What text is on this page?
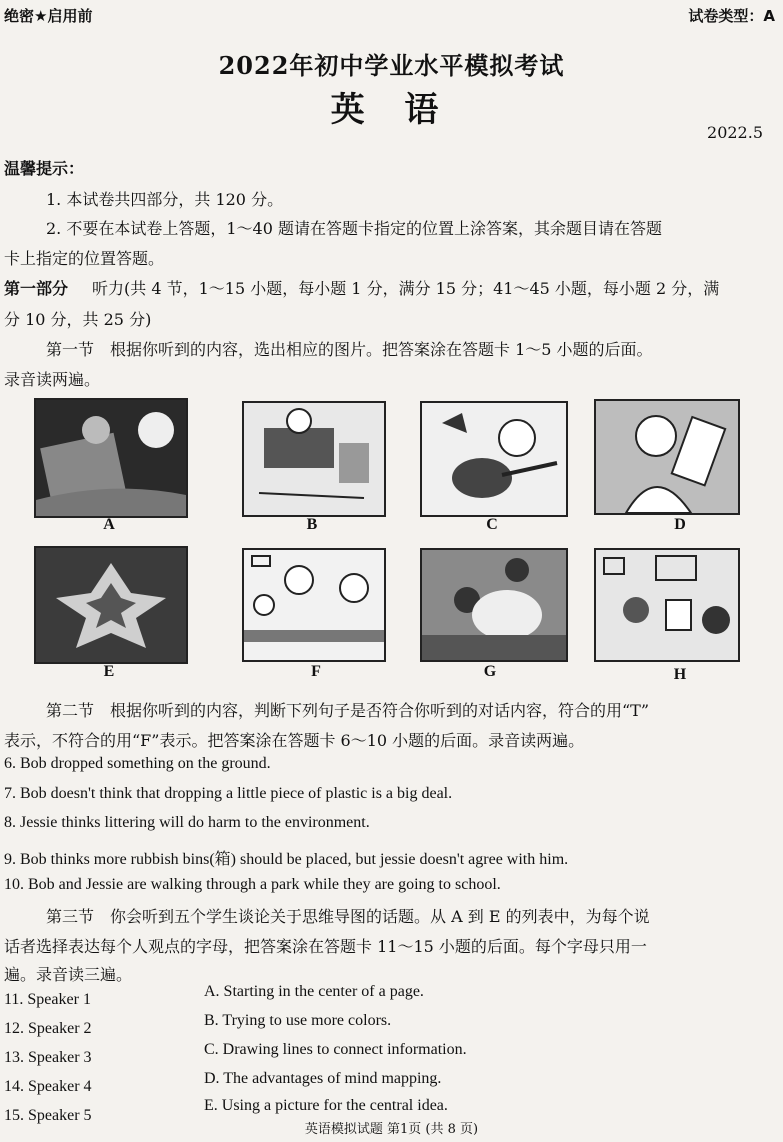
绝密★启用前	试卷类型：A
2022年初中学业水平模拟考试
英 语
2022.5
温馨提示：
1. 本试卷共四部分，共 120 分。
2. 不要在本试卷上答题，1～40 题请在答题卡指定的位置上涂答案，其余题目请在答题
卡上指定的位置答题。
第一部分 听力(共 4 节，1～15 小题，每小题 1 分，满分 15 分；41～45 小题，每小题 2 分，满
分 10 分，共 25 分)
第一节　根据你听到的内容，选出相应的图片。把答案涂在答题卡 1～5 小题的后面。
录音读两遍。
A	B	C	D
E	F	G	H
第二节　根据你听到的内容，判断下列句子是否符合你听到的对话内容，符合的用“T”
表示，不符合的用“F”表示。把答案涂在答题卡 6～10 小题的后面。录音读两遍。
6. Bob dropped something on the ground.
7. Bob doesn't think that dropping a little piece of plastic is a big deal.
8. Jessie thinks littering will do harm to the environment.
9. Bob thinks more rubbish bins(箱) should be placed, but jessie doesn't agree with him.
10. Bob and Jessie are walking through a park while they are going to school.
第三节　你会听到五个学生谈论关于思维导图的话题。从 A 到 E 的列表中，为每个说
话者选择表达每个人观点的字母，把答案涂在答题卡 11～15 小题的后面。每个字母只用一
遍。录音读三遍。
11. Speaker 1
12. Speaker 2
13. Speaker 3
14. Speaker 4
15. Speaker 5
A. Starting in the center of a page.
B. Trying to use more colors.
C. Drawing lines to connect information.
D. The advantages of mind mapping.
E. Using a picture for the central idea.
英语模拟试题 第1页 (共 8 页)
